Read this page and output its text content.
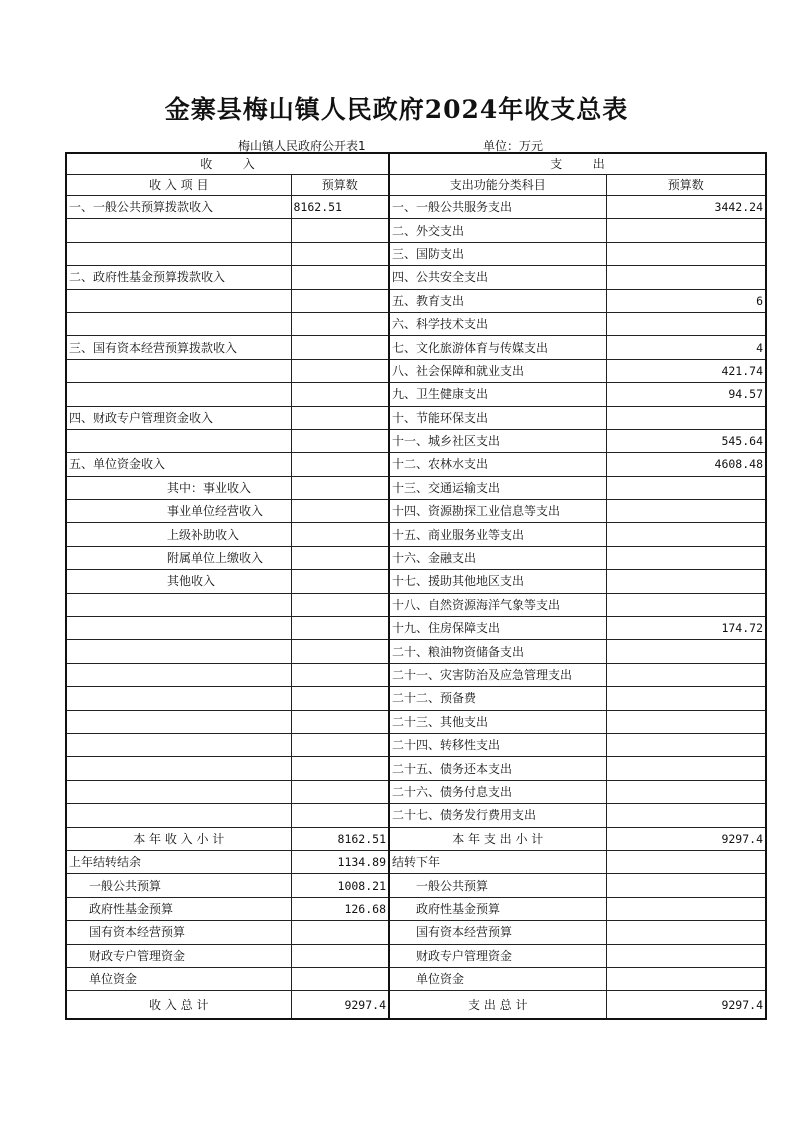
金寨县梅山镇人民政府2024年收支总表
梅山镇人民政府公开表1	单位：万元
收        入		支        出	
收 入 项 目	预算数	支出功能分类科目	预算数
一、一般公共预算拨款收入	8162.51	一、一般公共服务支出	3442.24
		二、外交支出	
		三、国防支出	
二、政府性基金预算拨款收入		四、公共安全支出	
		五、教育支出	6
		六、科学技术支出	
三、国有资本经营预算拨款收入		七、文化旅游体育与传媒支出	4
		八、社会保障和就业支出	421.74
		九、卫生健康支出	94.57
四、财政专户管理资金收入		十、节能环保支出	
		十一、城乡社区支出	545.64
五、单位资金收入		十二、农林水支出	4608.48
其中：事业收入		十三、交通运输支出	
事业单位经营收入		十四、资源勘探工业信息等支出	
上级补助收入		十五、商业服务业等支出	
附属单位上缴收入		十六、金融支出	
其他收入		十七、援助其他地区支出	
		十八、自然资源海洋气象等支出	
		十九、住房保障支出	174.72
		二十、粮油物资储备支出	
		二十一、灾害防治及应急管理支出	
		二十二、预备费	
		二十三、其他支出	
		二十四、转移性支出	
		二十五、债务还本支出	
		二十六、债务付息支出	
		二十七、债务发行费用支出	
本 年 收 入 小 计	8162.51	本 年 支 出 小 计	9297.4
上年结转结余	1134.89	结转下年	
一般公共预算	1008.21	一般公共预算	
政府性基金预算	126.68	政府性基金预算	
国有资本经营预算		国有资本经营预算	
财政专户管理资金		财政专户管理资金	
单位资金		单位资金	
收 入 总 计	9297.4	支 出 总 计	9297.4
